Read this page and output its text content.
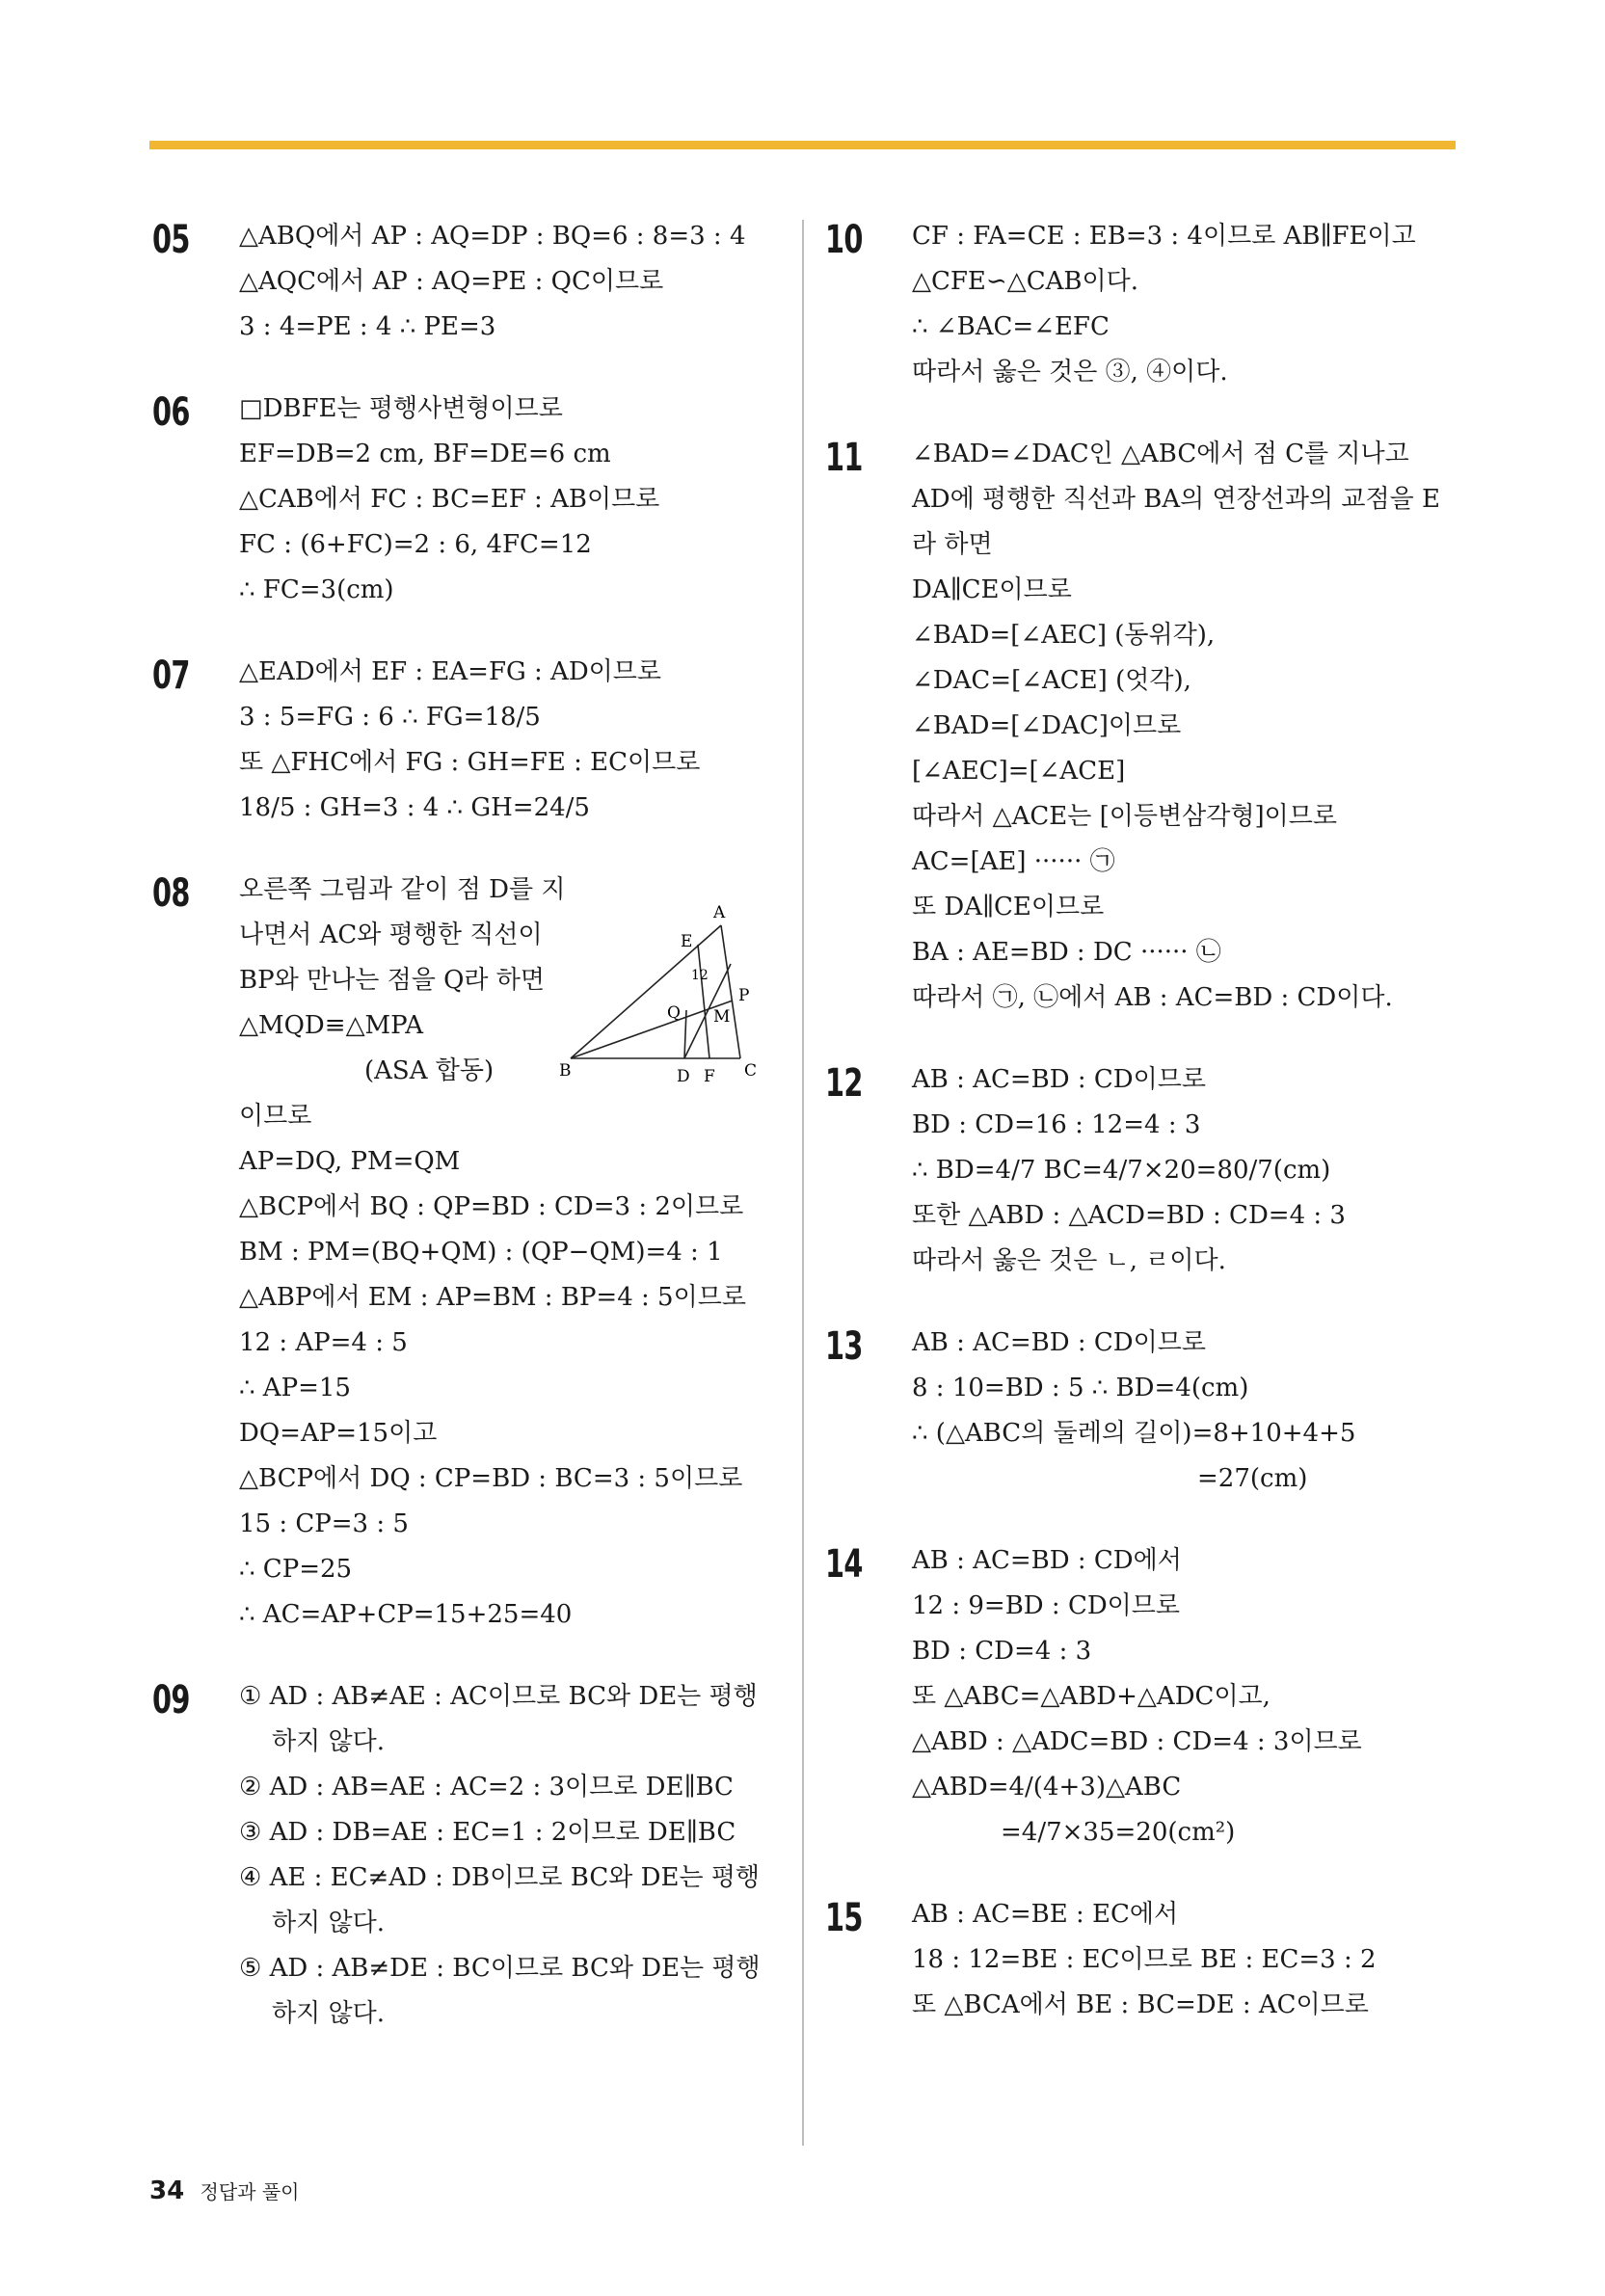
05 △ABQ에서 AP : AQ=DP : BQ=6 : 8=3 : 4
△AQC에서 AP : AQ=PE : QC이므로
3 : 4=PE : 4 ∴ PE=3
06 □DBFE는 평행사변형이므로
EF=DB=2 cm, BF=DE=6 cm
△CAB에서 FC : BC=EF : AB이므로
FC : (6+FC)=2 : 6, 4FC=12
∴ FC=3(cm)
07 △EAD에서 EF : EA=FG : AD이므로
3 : 5=FG : 6 ∴ FG=18/5
또 △FHC에서 FG : GH=FE : EC이므로
18/5 : GH=3 : 4 ∴ GH=24/5
08	A
E
P
Q
12
M
B	D F C
오른쪽 그림과 같이 점 D를 지
나면서 AC와 평행한 직선이
BP와 만나는 점을 Q라 하면
△MQD≡△MPA
(ASA 합동)
이므로
AP=DQ, PM=QM
△BCP에서 BQ : QP=BD : CD=3 : 2이므로
BM : PM=(BQ+QM) : (QP−QM)=4 : 1
△ABP에서 EM : AP=BM : BP=4 : 5이므로
12 : AP=4 : 5
∴ AP=15
DQ=AP=15이고
△BCP에서 DQ : CP=BD : BC=3 : 5이므로
15 : CP=3 : 5
∴ CP=25
∴ AC=AP+CP=15+25=40
09 ① AD : AB≠AE : AC이므로 BC와 DE는 평행
하지 않다.
② AD : AB=AE : AC=2 : 3이므로 DE∥BC
③ AD : DB=AE : EC=1 : 2이므로 DE∥BC
④ AE : EC≠AD : DB이므로 BC와 DE는 평행
하지 않다.
⑤ AD : AB≠DE : BC이므로 BC와 DE는 평행
하지 않다.
10 CF : FA=CE : EB=3 : 4이므로 AB∥FE이고
△CFE∽△CAB이다.
∴ ∠BAC=∠EFC
따라서 옳은 것은 ③, ④이다.
11 ∠BAD=∠DAC인 △ABC에서 점 C를 지나고
AD에 평행한 직선과 BA의 연장선과의 교점을 E
라 하면
DA∥CE이므로
∠BAD=[∠AEC] (동위각),
∠DAC=[∠ACE] (엇각),
∠BAD=[∠DAC]이므로
[∠AEC]=[∠ACE]
따라서 △ACE는 [이등변삼각형]이므로
AC=[AE] ······ ㉠
또 DA∥CE이므로
BA : AE=BD : DC ······ ㉡
따라서 ㉠, ㉡에서 AB : AC=BD : CD이다.
12 AB : AC=BD : CD이므로
BD : CD=16 : 12=4 : 3
∴ BD=4/7 BC=4/7×20=80/7(cm)
또한 △ABD : △ACD=BD : CD=4 : 3
따라서 옳은 것은 ㄴ, ㄹ이다.
13 AB : AC=BD : CD이므로
8 : 10=BD : 5 ∴ BD=4(cm)
∴ (△ABC의 둘레의 길이)=8+10+4+5
=27(cm)
14 AB : AC=BD : CD에서
12 : 9=BD : CD이므로
BD : CD=4 : 3
또 △ABC=△ABD+△ADC이고,
△ABD : △ADC=BD : CD=4 : 3이므로
△ABD=4/(4+3)△ABC
=4/7×35=20(cm²)
15 AB : AC=BE : EC에서
18 : 12=BE : EC이므로 BE : EC=3 : 2
또 △BCA에서 BE : BC=DE : AC이므로
34 정답과 풀이
